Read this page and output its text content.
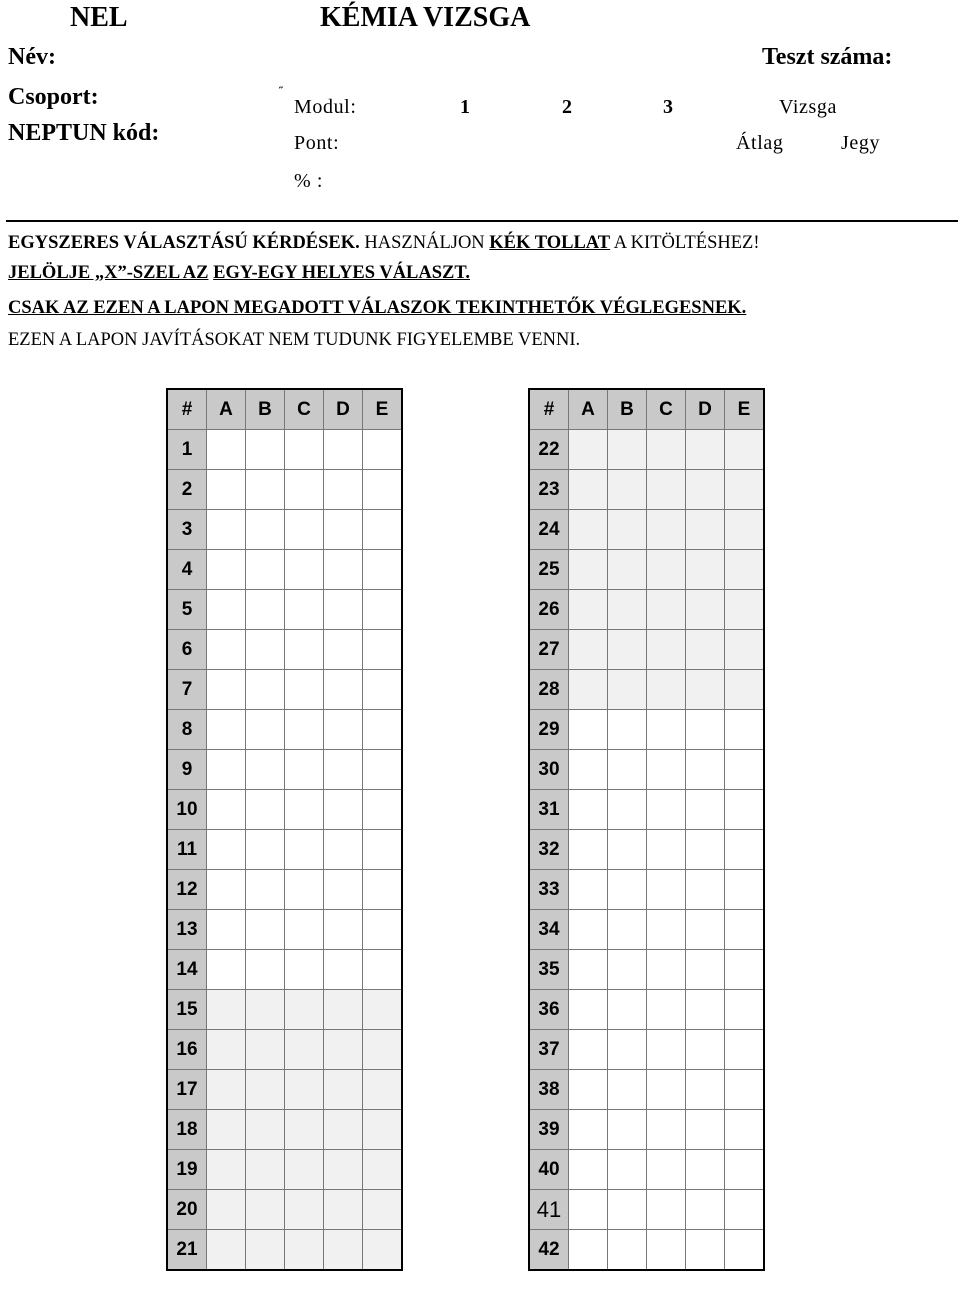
NEL	KÉMIA VIZSGA
Név:	Teszt száma:
Csoport:
NEPTUN kód:
Modul:	1	2	3	Vizsga
Pont:	Átlag	Jegy
% :
EGYSZERES VÁLASZTÁSÚ KÉRDÉSEK. HASZNÁLJON KÉK TOLLAT A KITÖLTÉSHEZ!
JELÖLJE „X”-SZEL AZ EGY-EGY HELYES VÁLASZT.
CSAK AZ EZEN A LAPON MEGADOTT VÁLASZOK TEKINTHETŐK VÉGLEGESNEK.
EZEN A LAPON JAVÍTÁSOKAT NEM TUDUNK FIGYELEMBE VENNI.
#	A	B	C	D	E
1					
2					
3					
4					
5					
6					
7					
8					
9					
10					
11					
12					
13					
14					
15					
16					
17					
18					
19					
20					
21					
#	A	B	C	D	E
22					
23					
24					
25					
26					
27					
28					
29					
30					
31					
32					
33					
34					
35					
36					
37					
38					
39					
40					
41					
42					
